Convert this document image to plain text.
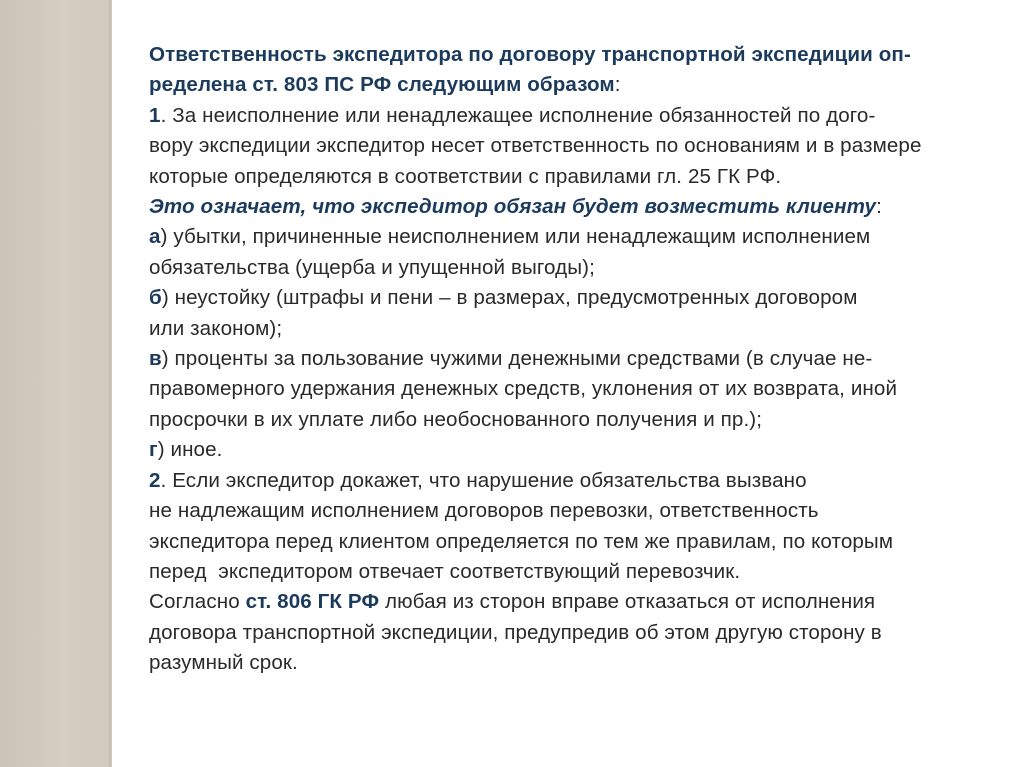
Ответственность экспедитора по договору транспортной экспедиции оп-
ределена ст. 803 ПС РФ следующим образом:
1. За неисполнение или ненадлежащее исполнение обязанностей по дого-
вору экспедиции экспедитор несет ответственность по основаниям и в размере
которые определяются в соответствии с правилами гл. 25 ГК РФ.
Это означает, что экспедитор обязан будет возместить клиенту:
а) убытки, причиненные неисполнением или ненадлежащим исполнением
обязательства (ущерба и упущенной выгоды);
б) неустойку (штрафы и пени – в размерах, предусмотренных договором
или законом);
в) проценты за пользование чужими денежными средствами (в случае не-
правомерного удержания денежных средств, уклонения от их возврата, иной
просрочки в их уплате либо необоснованного получения и пр.);
г) иное.
2. Если экспедитор докажет, что нарушение обязательства вызвано
не надлежащим исполнением договоров перевозки, ответственность
экспедитора перед клиентом определяется по тем же правилам, по которым
перед  экспедитором отвечает соответствующий перевозчик.
Согласно ст. 806 ГК РФ любая из сторон вправе отказаться от исполнения
договора транспортной экспедиции, предупредив об этом другую сторону в
разумный срок.
